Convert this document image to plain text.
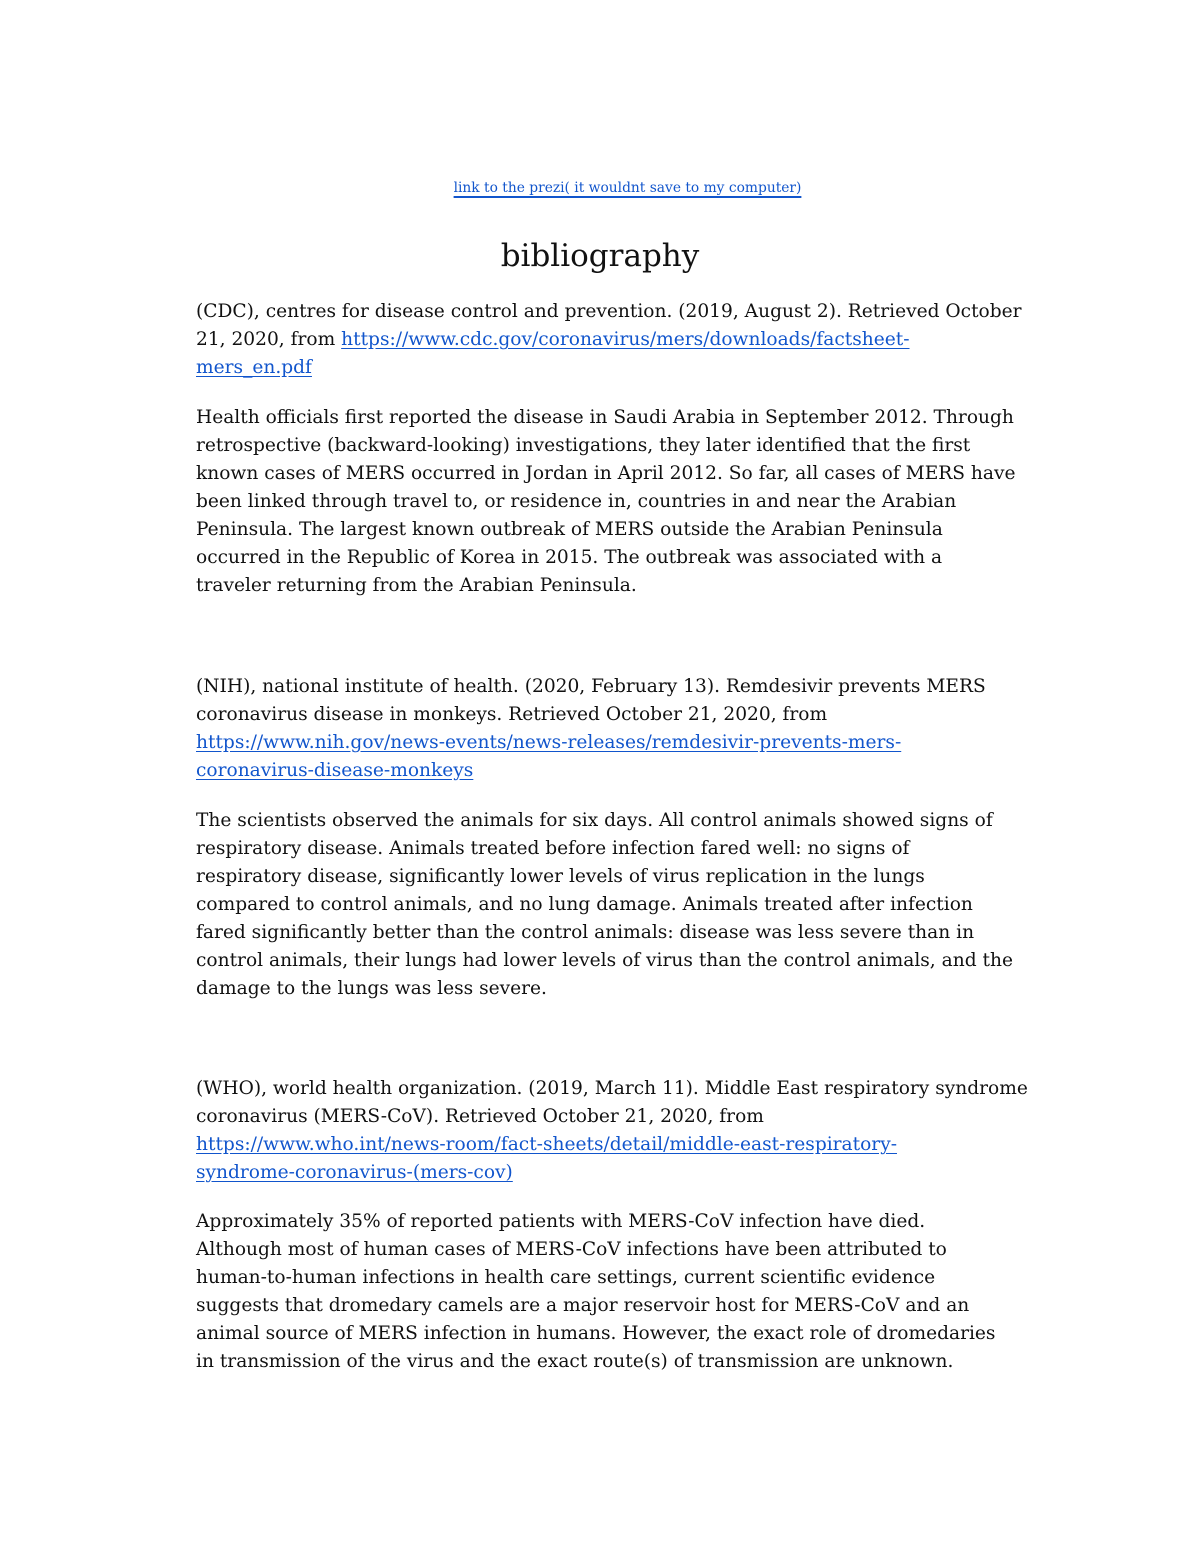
link to the prezi( it wouldnt save to my computer)
bibliography
(CDC), centres for disease control and prevention. (2019, August 2). Retrieved October
21, 2020, from https://www.cdc.gov/coronavirus/mers/downloads/factsheet-
mers_en.pdf
Health officials first reported the disease in Saudi Arabia in September 2012. Through
retrospective (backward-looking) investigations, they later identified that the first
known cases of MERS occurred in Jordan in April 2012. So far, all cases of MERS have
been linked through travel to, or residence in, countries in and near the Arabian
Peninsula. The largest known outbreak of MERS outside the Arabian Peninsula
occurred in the Republic of Korea in 2015. The outbreak was associated with a
traveler returning from the Arabian Peninsula.
(NIH), national institute of health. (2020, February 13). Remdesivir prevents MERS
coronavirus disease in monkeys. Retrieved October 21, 2020, from
https://www.nih.gov/news-events/news-releases/remdesivir-prevents-mers-
coronavirus-disease-monkeys
The scientists observed the animals for six days. All control animals showed signs of
respiratory disease. Animals treated before infection fared well: no signs of
respiratory disease, significantly lower levels of virus replication in the lungs
compared to control animals, and no lung damage. Animals treated after infection
fared significantly better than the control animals: disease was less severe than in
control animals, their lungs had lower levels of virus than the control animals, and the
damage to the lungs was less severe.
(WHO), world health organization. (2019, March 11). Middle East respiratory syndrome
coronavirus (MERS-CoV). Retrieved October 21, 2020, from
https://www.who.int/news-room/fact-sheets/detail/middle-east-respiratory-
syndrome-coronavirus-(mers-cov)
Approximately 35% of reported patients with MERS-CoV infection have died.
Although most of human cases of MERS-CoV infections have been attributed to
human-to-human infections in health care settings, current scientific evidence
suggests that dromedary camels are a major reservoir host for MERS-CoV and an
animal source of MERS infection in humans. However, the exact role of dromedaries
in transmission of the virus and the exact route(s) of transmission are unknown.
